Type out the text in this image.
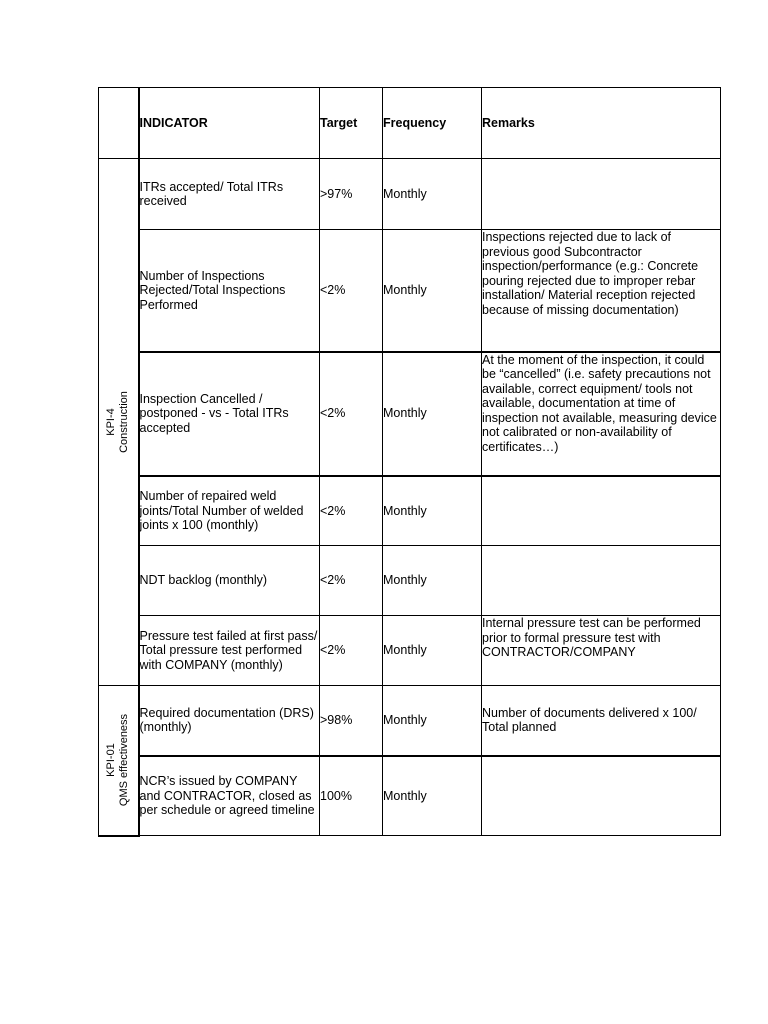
	INDICATOR	Target	Frequency	Remarks

KPI-4 Construction	ITRs accepted/ Total ITRs received	>97%	Monthly	
	Number of Inspections Rejected/Total Inspections Performed	<2%	Monthly	Inspections rejected due to lack of previous good Subcontractor inspection/performance (e.g.: Concrete pouring rejected due to improper rebar installation/ Material reception rejected because of missing documentation)
	Inspection Cancelled / postponed - vs - Total ITRs accepted	<2%	Monthly	At the moment of the inspection, it could be “cancelled” (i.e. safety precautions not available, correct equipment/ tools not available, documentation at time of inspection not available, measuring device not calibrated or non-availability of certificates…)
	Number of repaired weld joints/Total Number of welded joints x 100 (monthly)	<2%	Monthly	
	NDT backlog (monthly)	<2%	Monthly	
	Pressure test failed at first pass/ Total pressure test performed with COMPANY (monthly)	<2%	Monthly	Internal pressure test can be performed prior to formal pressure test with CONTRACTOR/COMPANY

KPI-01 QMS effectiveness	Required documentation (DRS) (monthly)	>98%	Monthly	Number of documents delivered x 100/ Total planned
	NCR’s issued by COMPANY and CONTRACTOR, closed as per schedule or agreed timeline	100%	Monthly	
